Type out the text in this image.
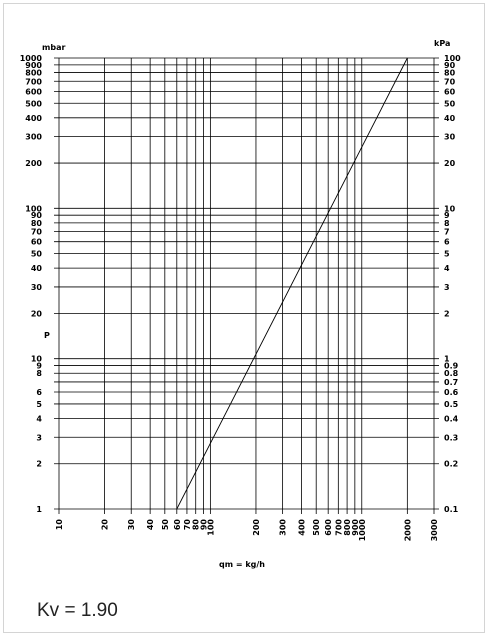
10	20 30 40 50 60 70 80
90
100	200 300 400 500 600 700 800
900
1000	2000 3000
1
2
3
4
5
6
8
9
10
20
30
40
50
60
70
80
90
100
200
300
400
500
600
700
800
900
1000
0.1
0.2
0.3
0.4
0.5
0.6
0.7
0.8
0.9
1
2
3
4
5
6
7
8
9
10
20
30
40
50
60
70
80
90
100
mbar	kPa
P
qm = kg/h
Kv = 1.90
